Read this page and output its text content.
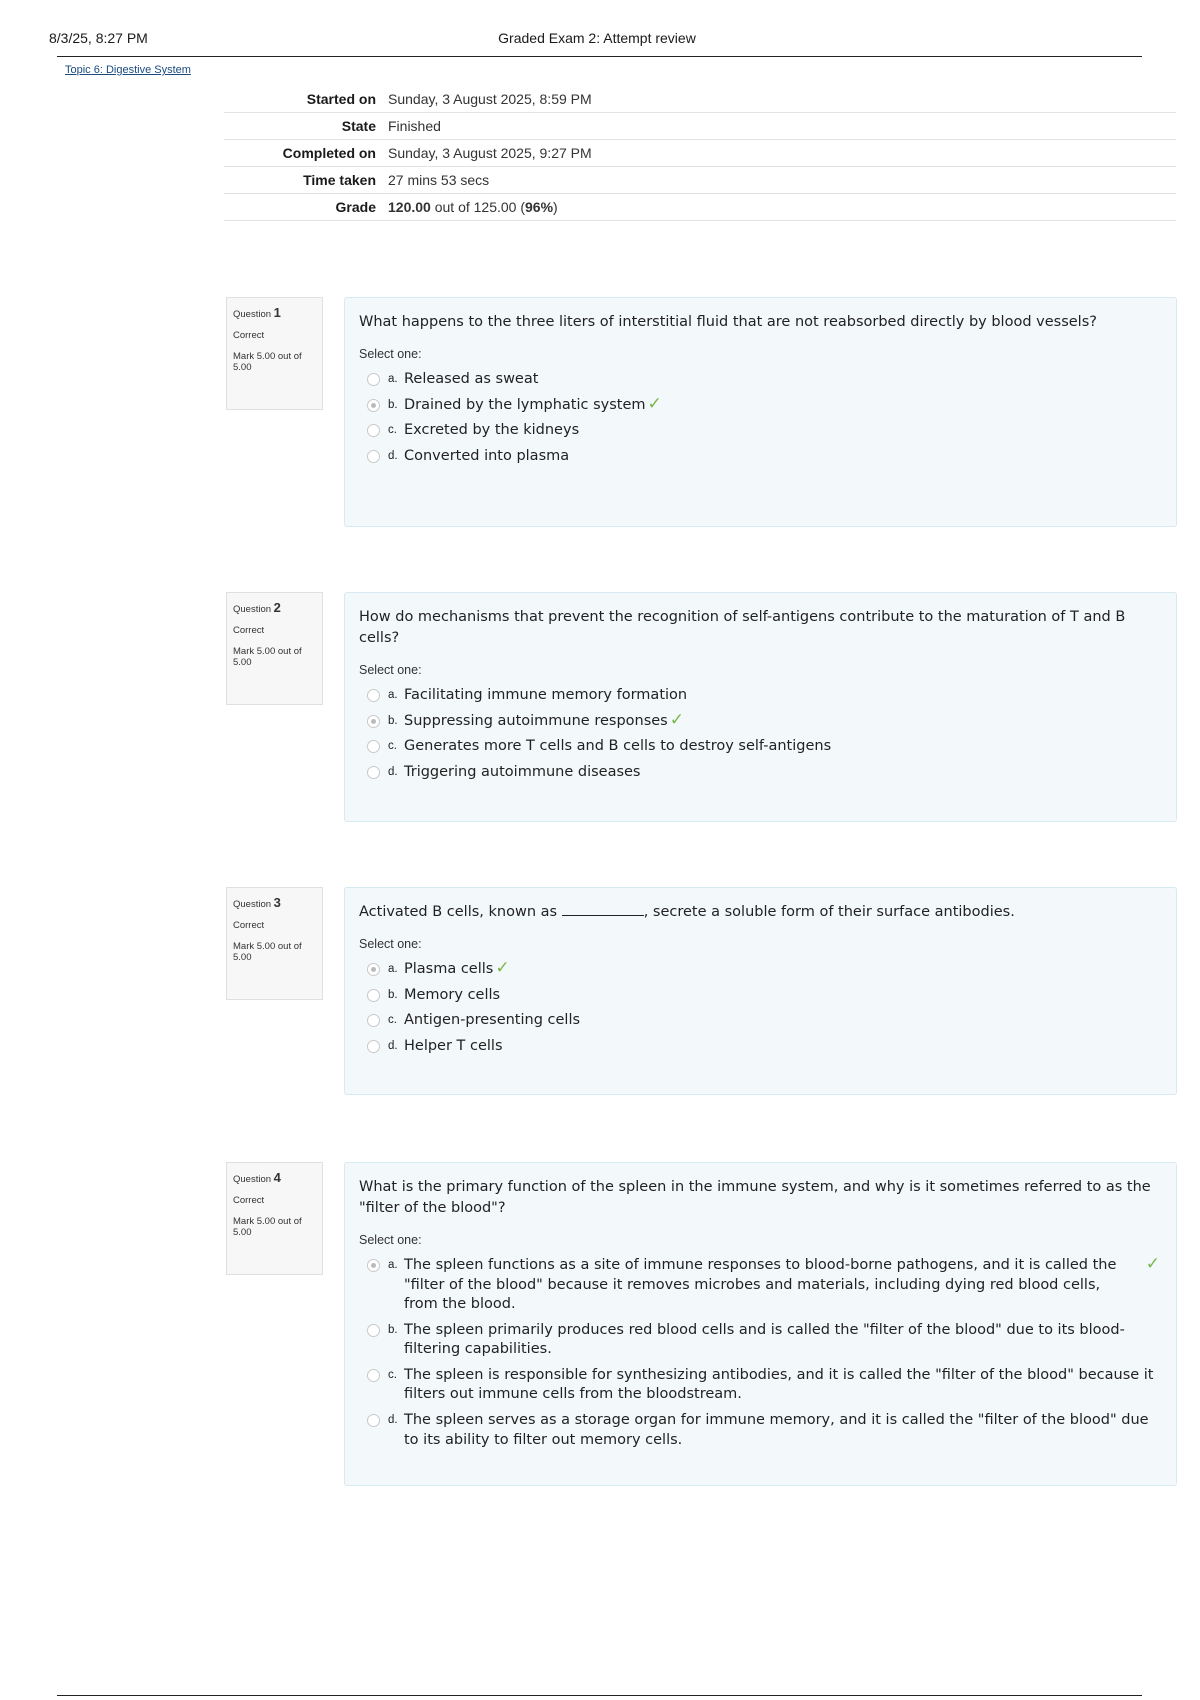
8/3/25, 8:27 PM	Graded Exam 2: Attempt review
Topic 6: Digestive System
Started on	Sunday, 3 August 2025, 8:59 PM
State	Finished
Completed on	Sunday, 3 August 2025, 9:27 PM
Time taken	27 mins 53 secs
Grade	120.00 out of 125.00 (96%)
Question 1
Correct
Mark 5.00 out of 5.00
What happens to the three liters of interstitial fluid that are not reabsorbed directly by blood vessels?
Select one:
a. Released as sweat
b. Drained by the lymphatic system ✓
c. Excreted by the kidneys
d. Converted into plasma
Question 2
Correct
Mark 5.00 out of 5.00
How do mechanisms that prevent the recognition of self-antigens contribute to the maturation of T and B cells?
Select one:
a. Facilitating immune memory formation
b. Suppressing autoimmune responses ✓
c. Generates more T cells and B cells to destroy self-antigens
d. Triggering autoimmune diseases
Question 3
Correct
Mark 5.00 out of 5.00
Activated B cells, known as	, secrete a soluble form of their surface antibodies.
Select one:
a. Plasma cells ✓
b. Memory cells
c. Antigen-presenting cells
d. Helper T cells
Question 4
Correct
Mark 5.00 out of 5.00
What is the primary function of the spleen in the immune system, and why is it sometimes referred to as the "filter of the blood"?
Select one:
a. The spleen functions as a site of immune responses to blood-borne pathogens, and it is called the "filter of the blood" because it removes microbes and materials, including dying red blood cells, from the blood.
✓
b. The spleen primarily produces red blood cells and is called the "filter of the blood" due to its blood-filtering capabilities.
c. The spleen is responsible for synthesizing antibodies, and it is called the "filter of the blood" because it filters out immune cells from the bloodstream.
d. The spleen serves as a storage organ for immune memory, and it is called the "filter of the blood" due to its ability to filter out memory cells.
